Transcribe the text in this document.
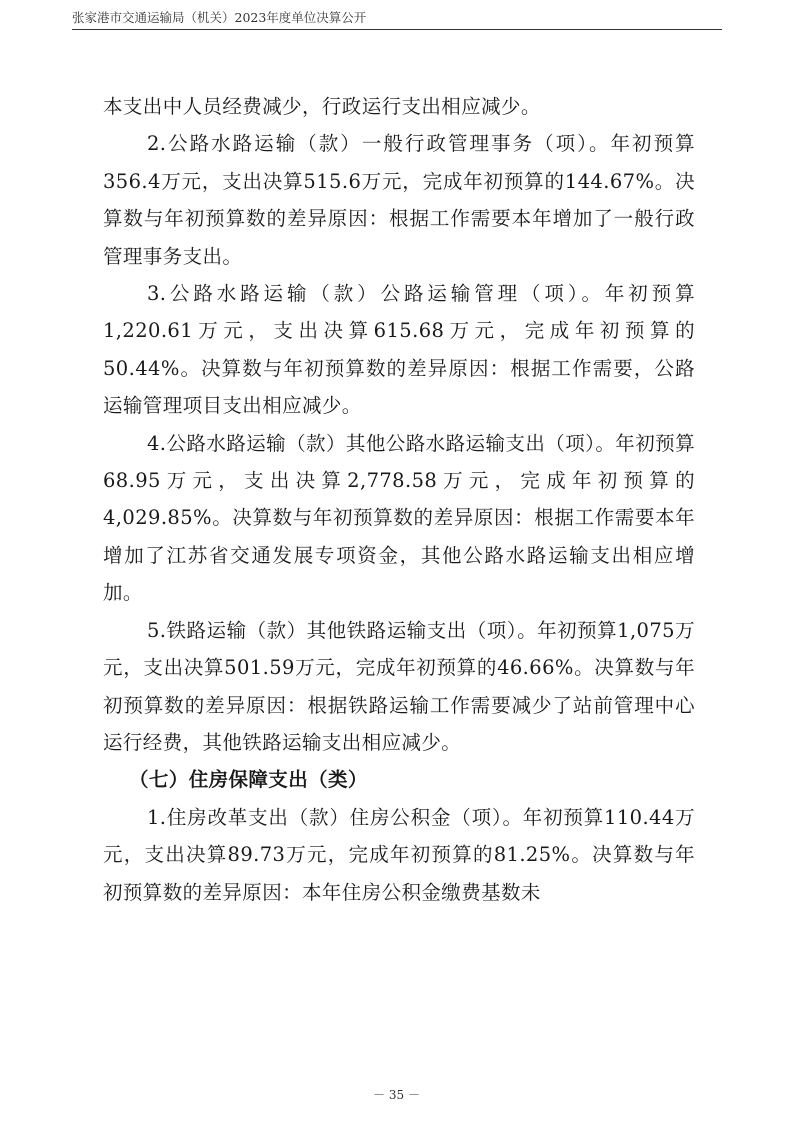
张家港市交通运输局（机关）2023年度单位决算公开

本支出中人员经费减少，行政运行支出相应减少。

2.公路水路运输（款）一般行政管理事务（项）。年初预算356.4万元，支出决算515.6万元，完成年初预算的144.67%。决算数与年初预算数的差异原因：根据工作需要本年增加了一般行政管理事务支出。

3.公路水路运输（款）公路运输管理（项）。年初预算1,220.61万元，支出决算615.68万元，完成年初预算的50.44%。决算数与年初预算数的差异原因：根据工作需要，公路运输管理项目支出相应减少。

4.公路水路运输（款）其他公路水路运输支出（项）。年初预算68.95万元，支出决算2,778.58万元，完成年初预算的4,029.85%。决算数与年初预算数的差异原因：根据工作需要本年增加了江苏省交通发展专项资金，其他公路水路运输支出相应增加。

5.铁路运输（款）其他铁路运输支出（项）。年初预算1,075万元，支出决算501.59万元，完成年初预算的46.66%。决算数与年初预算数的差异原因：根据铁路运输工作需要减少了站前管理中心运行经费，其他铁路运输支出相应减少。

（七）住房保障支出（类）

1.住房改革支出（款）住房公积金（项）。年初预算110.44万元，支出决算89.73万元，完成年初预算的81.25%。决算数与年初预算数的差异原因：本年住房公积金缴费基数未

－ 35 －
